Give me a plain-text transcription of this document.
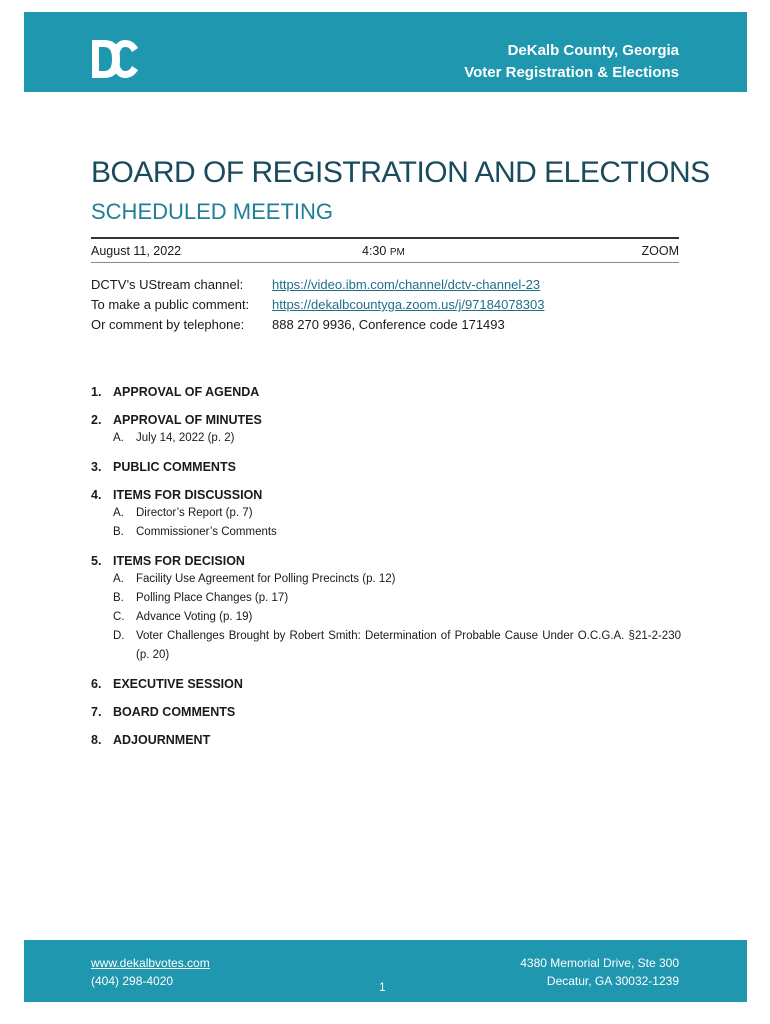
DeKalb County, Georgia
Voter Registration & Elections
BOARD OF REGISTRATION AND ELECTIONS
SCHEDULED MEETING
August 11, 2022	4:30 PM	ZOOM
DCTV’s UStream channel:	https://video.ibm.com/channel/dctv-channel-23
To make a public comment:	https://dekalbcountyga.zoom.us/j/97184078303
Or comment by telephone:	888 270 9936, Conference code 171493
1. APPROVAL OF AGENDA
2. APPROVAL OF MINUTES
A.	July 14, 2022 (p. 2)
3. PUBLIC COMMENTS
4. ITEMS FOR DISCUSSION
A.	Director’s Report (p. 7)
B.	Commissioner’s Comments
5. ITEMS FOR DECISION
A.	Facility Use Agreement for Polling Precincts (p. 12)
B.	Polling Place Changes (p. 17)
C.	Advance Voting (p. 19)
D.	Voter Challenges Brought by Robert Smith: Determination of Probable Cause Under O.C.G.A. §21-2-230 (p. 20)
6. EXECUTIVE SESSION
7. BOARD COMMENTS
8. ADJOURNMENT
www.dekalbvotes.com
(404) 298-4020	1
4380 Memorial Drive, Ste 300
Decatur, GA 30032-1239
